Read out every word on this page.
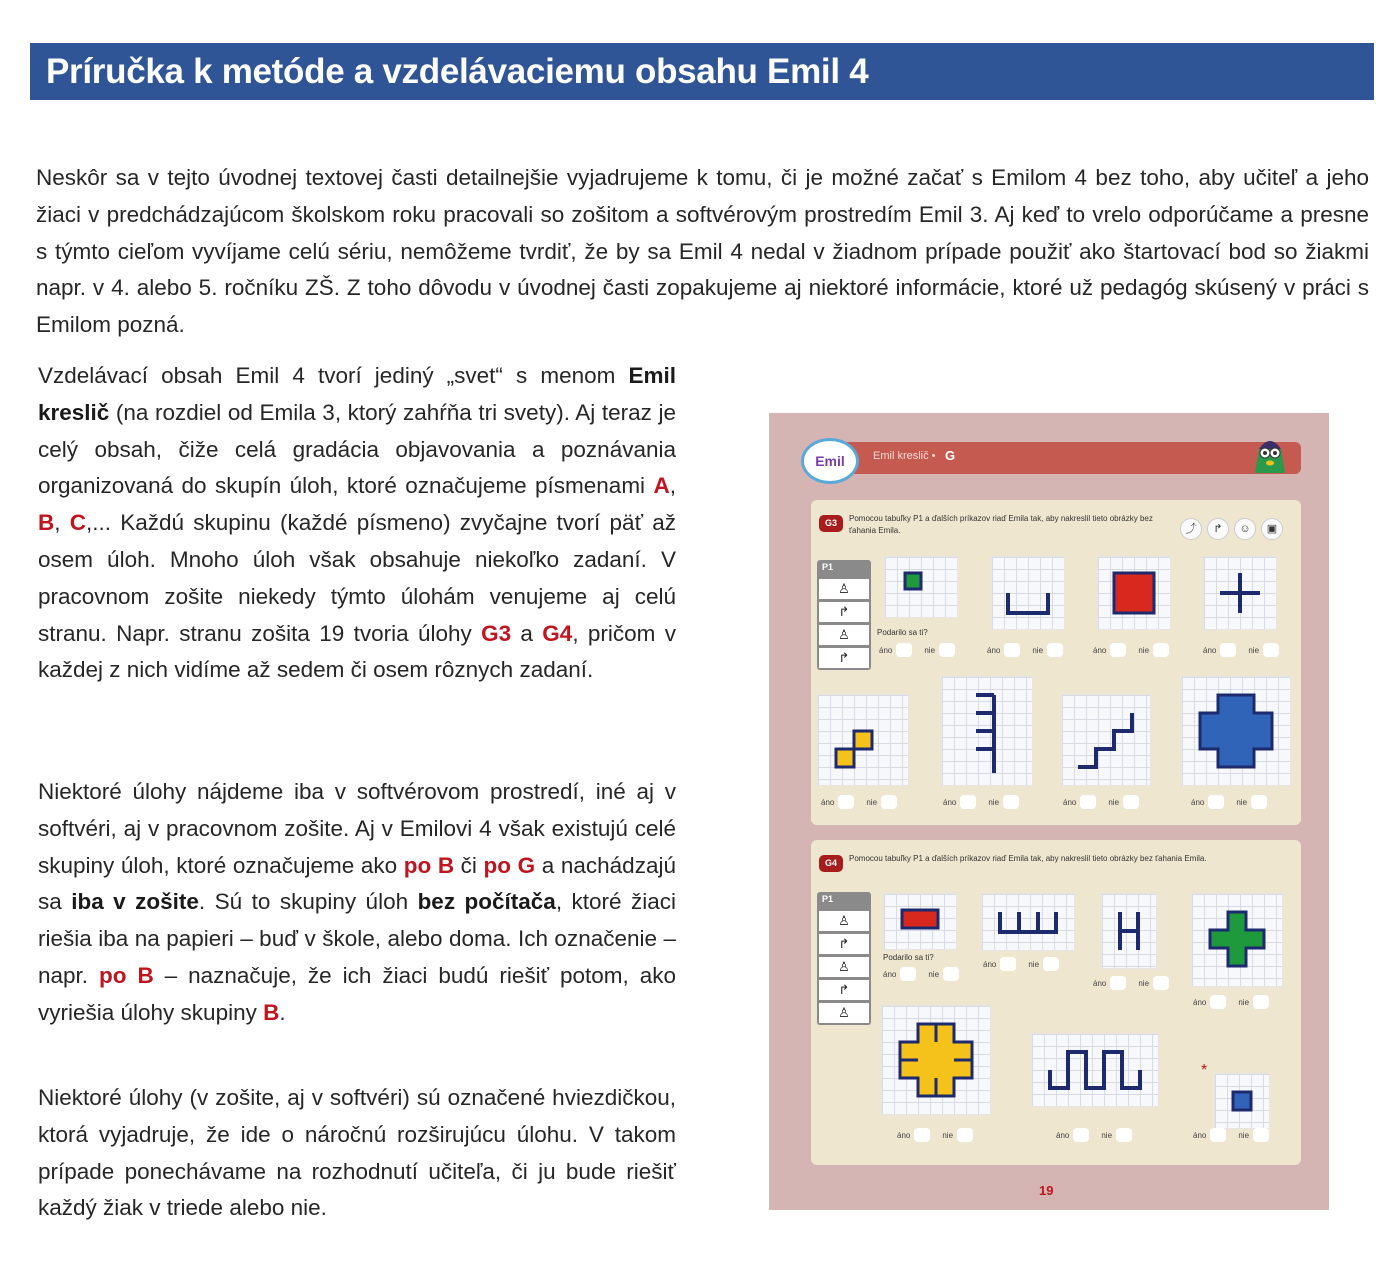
Príručka k metóde a vzdelávaciemu obsahu Emil 4

Neskôr sa v tejto úvodnej textovej časti detailnejšie vyjadrujeme k tomu, či je možné začať s Emilom 4 bez toho, aby učiteľ a jeho žiaci v predchádzajúcom školskom roku pracovali so zošitom a softvérovým prostredím Emil 3. Aj keď to vrelo odporúčame a presne s týmto cieľom vyvíjame celú sériu, nemôžeme tvrdiť, že by sa Emil 4 nedal v žiadnom prípade použiť ako štartovací bod so žiakmi napr. v 4. alebo 5. ročníku ZŠ. Z toho dôvodu v úvodnej časti zopakujeme aj niektoré informácie, ktoré už pedagóg skúsený v práci s Emilom pozná.

Vzdelávací obsah Emil 4 tvorí jediný „svet“ s menom Emil kreslič (na rozdiel od Emila 3, ktorý zahŕňa tri svety). Aj teraz je celý obsah, čiže celá gradácia objavovania a poznávania organizovaná do skupín úloh, ktoré označujeme písmenami A, B, C,... Každú skupinu (každé písmeno) zvyčajne tvorí päť až osem úloh. Mnoho úloh však obsahuje niekoľko zadaní. V pracovnom zošite niekedy týmto úlohám venujeme aj celú stranu. Napr. stranu zošita 19 tvoria úlohy G3 a G4, pričom v každej z nich vidíme až sedem či osem rôznych zadaní.

Niektoré úlohy nájdeme iba v softvérovom prostredí, iné aj v softvéri, aj v pracovnom zošite. Aj v Emilovi 4 však existujú celé skupiny úloh, ktoré označujeme ako po B či po G a nachádzajú sa iba v zošite. Sú to skupiny úloh bez počítača, ktoré žiaci riešia iba na papieri – buď v škole, alebo doma. Ich označenie – napr. po B – naznačuje, že ich žiaci budú riešiť potom, ako vyriešia úlohy skupiny B.

Niektoré úlohy (v zošite, aj v softvéri) sú označené hviezdičkou, ktorá vyjadruje, že ide o náročnú rozširujúcu úlohu. V takom prípade ponechávame na rozhodnutí učiteľa, či ju bude riešiť každý žiak v triede alebo nie.

Emil kreslič • G
Emil
G3	Pomocou tabuľky P1 a ďalších príkazov riaď Emila tak, aby nakreslil tieto obrázky bez ťahania Emila.	⤴	↱	☺	▣
P1
♙
↱
♙
↱
Podarilo sa ti?
áno	nie	áno	nie	áno	nie	áno	nie
áno	nie	áno	nie	áno	nie	áno	nie
G4	Pomocou tabuľky P1 a ďalších príkazov riaď Emila tak, aby nakreslil tieto obrázky bez ťahania Emila.
P1
♙
↱
♙
↱
♙
Podarilo sa ti?
áno	nie
áno	nie
áno	nie
áno	nie
áno	nie	áno	nie
*
áno	nie
19
